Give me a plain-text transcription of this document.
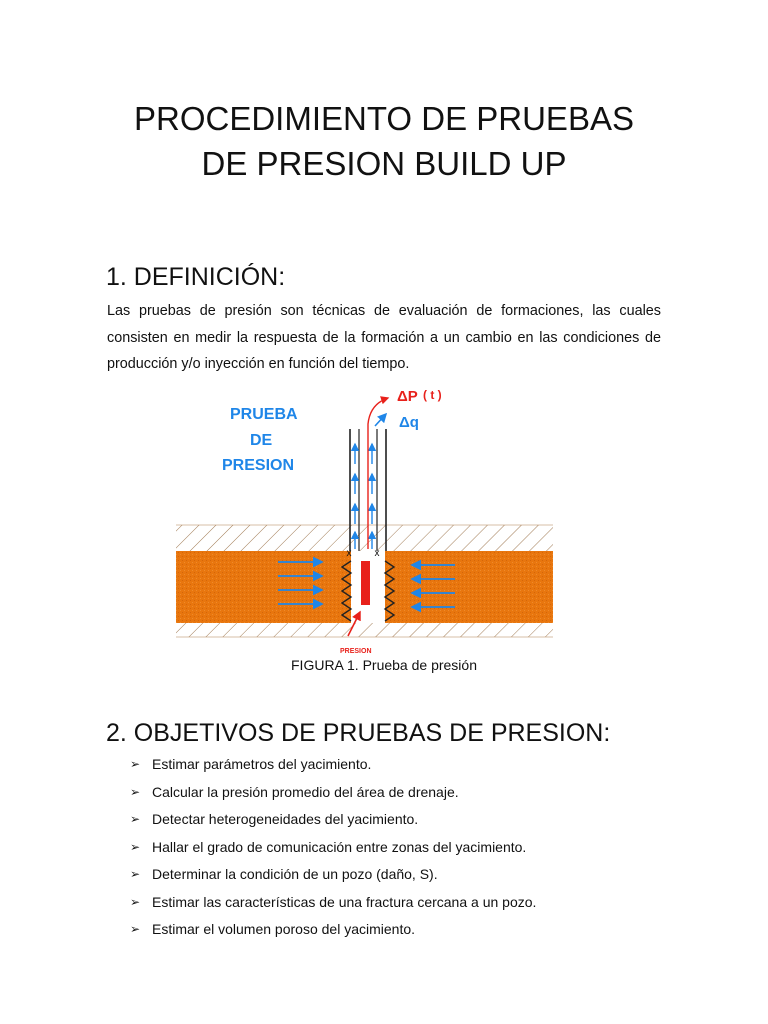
PROCEDIMIENTO DE PRUEBAS
DE PRESION BUILD UP
1. DEFINICIÓN:
Las pruebas de presión son técnicas de evaluación de formaciones, las cuales consisten en medir la respuesta de la formación a un cambio en las condiciones de producción y/o inyección en función del tiempo.
x x
PRUEBA
DE
PRESION
ΔP ( t )
Δq
PRESION
FIGURA 1. Prueba de presión
2. OBJETIVOS DE PRUEBAS DE PRESION:
➢ Estimar parámetros del yacimiento.
➢ Calcular la presión promedio del área de drenaje.
➢ Detectar heterogeneidades del yacimiento.
➢ Hallar el grado de comunicación entre zonas del yacimiento.
➢ Determinar la condición de un pozo (daño, S).
➢ Estimar las características de una fractura cercana a un pozo.
➢ Estimar el volumen poroso del yacimiento.
